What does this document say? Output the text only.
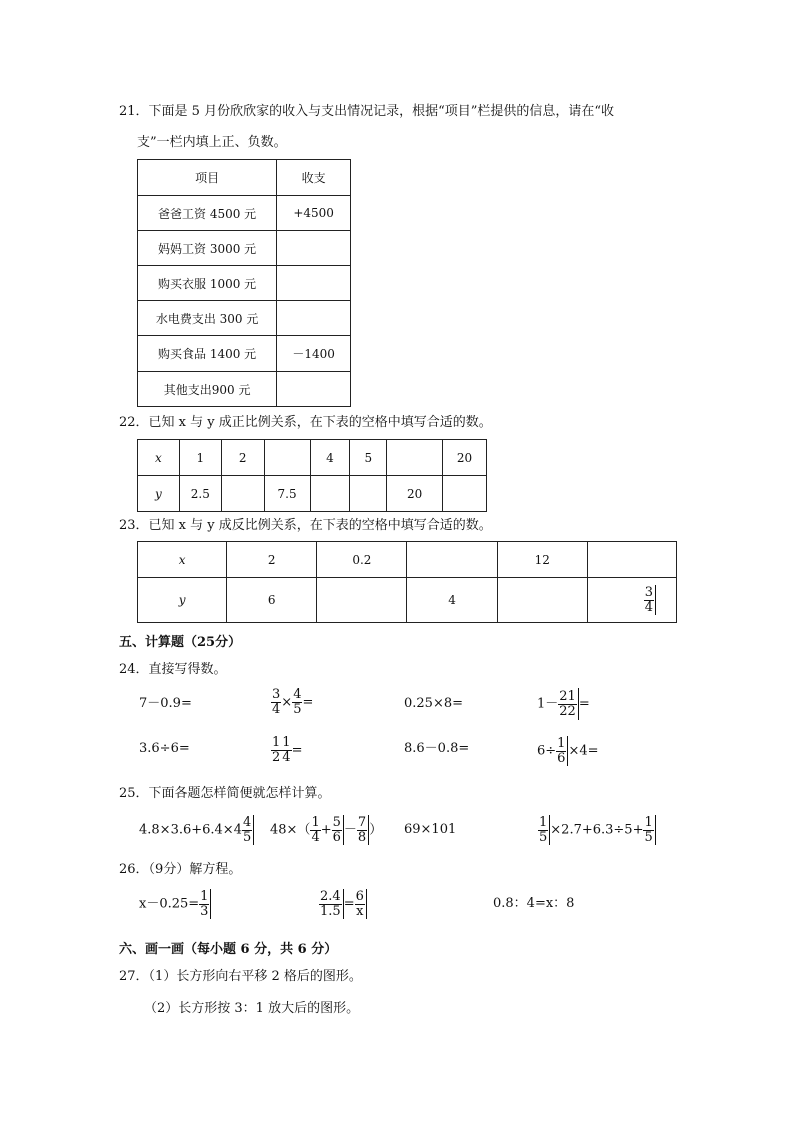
21．下面是 5 月份欣欣家的收入与支出情况记录，根据“项目”栏提供的信息，请在“收
支”一栏内填上正、负数。
项目	收支
爸爸工资 4500 元	+4500
妈妈工资 3000 元	
购买衣服 1000 元	
水电费支出 300 元	
购买食品 1400 元	－1400
其他支出900 元	
22．已知 x 与 y 成正比例关系，在下表的空格中填写合适的数。
x	1	2		4	5		20
y	2.5		7.5			20	
23．已知 x 与 y 成反比例关系，在下表的空格中填写合适的数。
x	2	0.2		12	
y	6		4		$\frac{3}{4}$
五、计算题（25分）
24．直接写得数。
7－0.9=	$\frac{3}{4} \times \frac{4}{5}$ =	0.25×8=	$1- \frac{21}{22}$ =
3.6÷6=	$\frac{1}{2} \frac{1}{4}$ =	8.6－0.8=	$6\div \frac{1}{6} \times 4=$
25．下面各题怎样简便就怎样计算。
$4.8\times 3.6+6.4\times 4 \frac{4}{5} 48\times( \frac{1}{4} + \frac{5}{6} - \frac{7}{8}$ ） 69×101	$\frac{1}{5} \times 2.7+6.3\div 5+ \frac{1}{5}$
26．（9分）解方程。
$x-0.25= \frac{1}{3}$	$\frac{2.4}{1.5} = \frac{6}{x}$	0.8：4=x：8
六、画一画（每小题 6 分，共 6 分）
27．（1）长方形向右平移 2 格后的图形。
（2）长方形按 3：1 放大后的图形。
